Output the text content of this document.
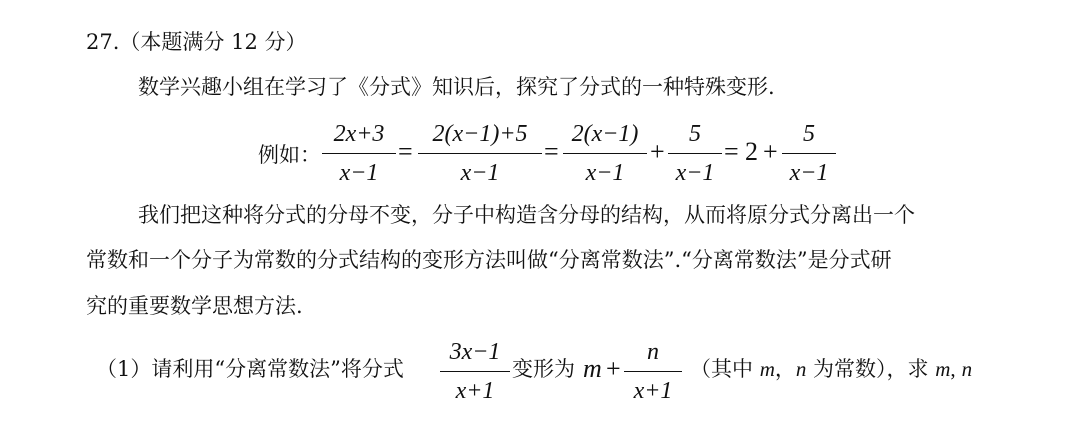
27.（本题满分 12 分）
数学兴趣小组在学习了《分式》知识后，探究了分式的一种特殊变形.
例如：
2x+3
x−1
=
2(x−1)+5
x−1
=
2(x−1)
x−1
+
5
x−1
= 2 +
5
x−1
我们把这种将分式的分母不变，分子中构造含分母的结构，从而将原分式分离出一个
常数和一个分子为常数的分式结构的变形方法叫做“分离常数法”.“分离常数法”是分式研
究的重要数学思想方法.
（1）请利用“分离常数法”将分式
3x−1
x+1
变形为 m +
n
x+1
（其中 m，n 为常数），求 m, n
